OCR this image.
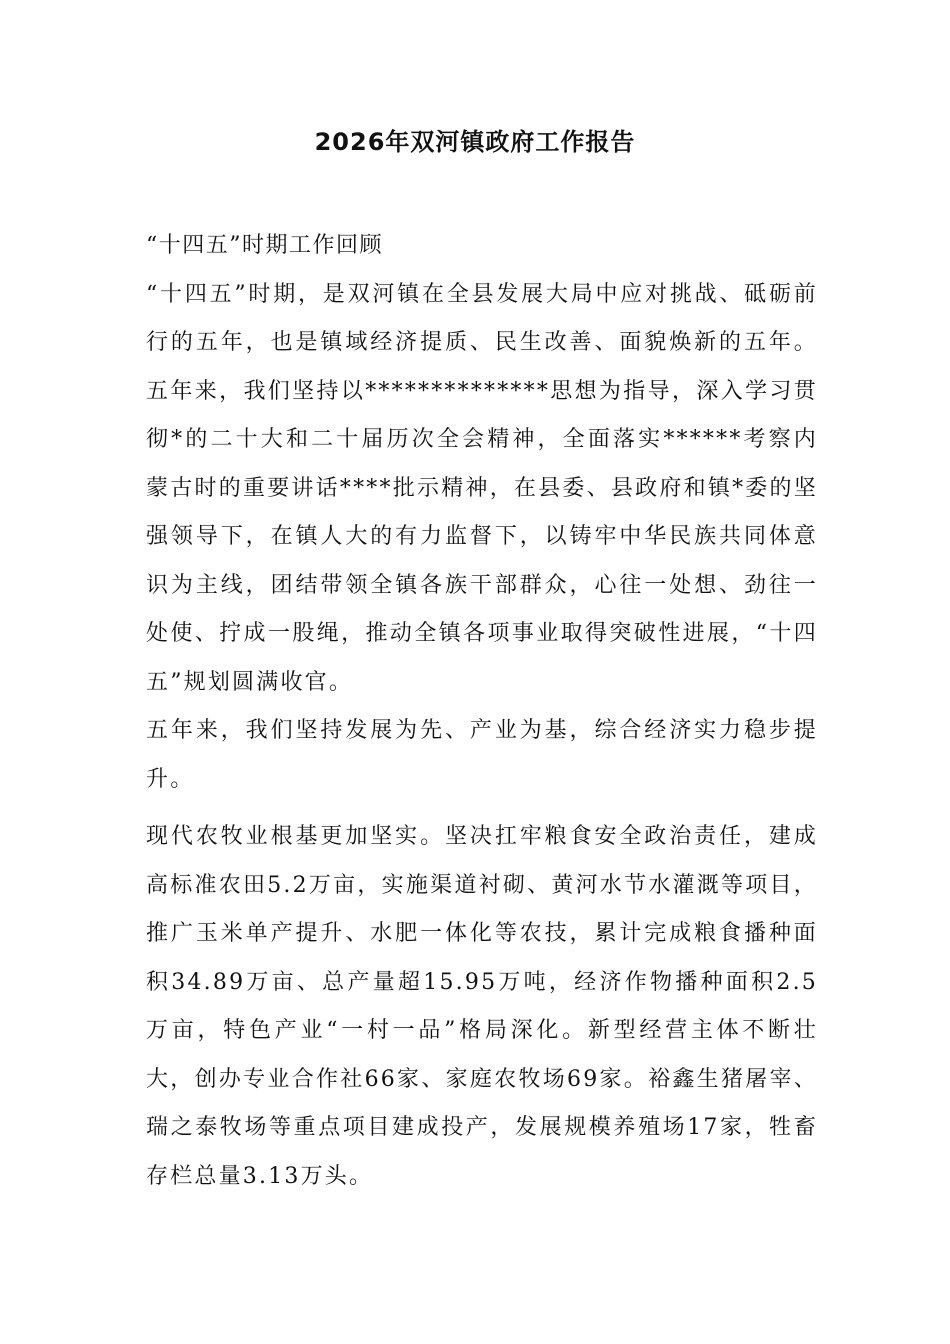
2026年双河镇政府工作报告

“十四五”时期工作回顾

“十四五”时期，是双河镇在全县发展大局中应对挑战、砥砺前行的五年，也是镇域经济提质、民生改善、面貌焕新的五年。五年来，我们坚持以**************思想为指导，深入学习贯彻*的二十大和二十届历次全会精神，全面落实******考察内蒙古时的重要讲话****批示精神，在县委、县政府和镇*委的坚强领导下，在镇人大的有力监督下，以铸牢中华民族共同体意识为主线，团结带领全镇各族干部群众，心往一处想、劲往一处使、拧成一股绳，推动全镇各项事业取得突破性进展，“十四五”规划圆满收官。

五年来，我们坚持发展为先、产业为基，综合经济实力稳步提升。

现代农牧业根基更加坚实。坚决扛牢粮食安全政治责任，建成高标准农田5.2万亩，实施渠道衬砌、黄河水节水灌溉等项目，推广玉米单产提升、水肥一体化等农技，累计完成粮食播种面积34.89万亩、总产量超15.95万吨，经济作物播种面积2.5万亩，特色产业“一村一品”格局深化。新型经营主体不断壮大，创办专业合作社66家、家庭农牧场69家。裕鑫生猪屠宰、瑞之泰牧场等重点项目建成投产，发展规模养殖场17家，牲畜存栏总量3.13万头。
